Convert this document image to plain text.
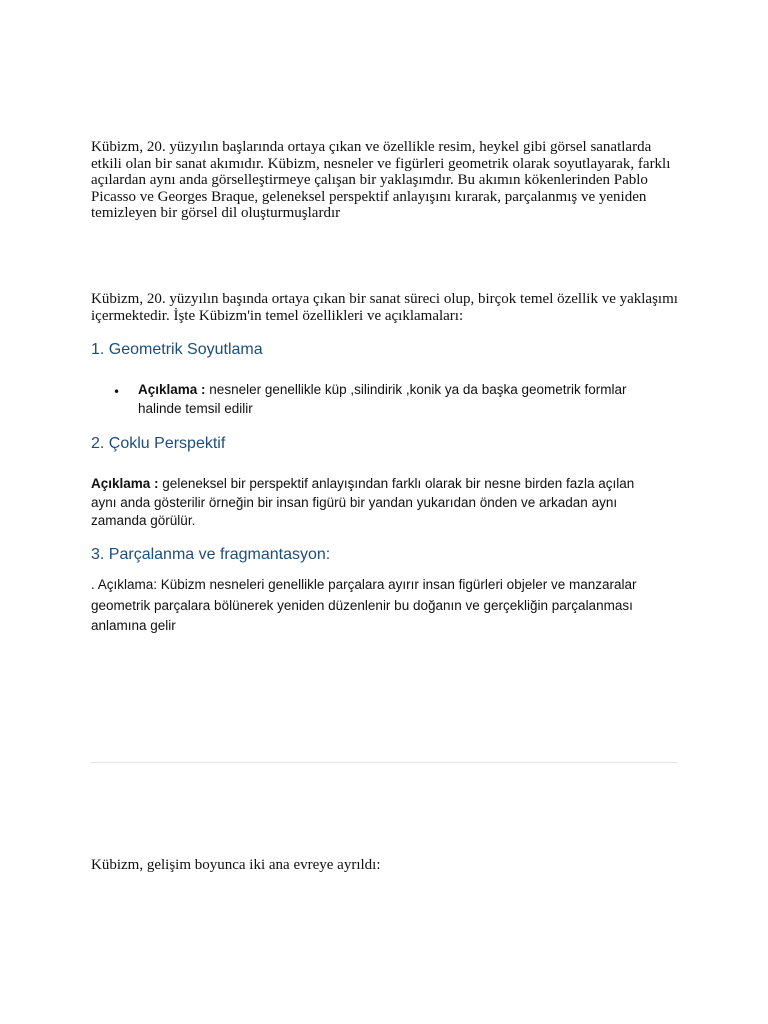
Kübizm, 20. yüzyılın başlarında ortaya çıkan ve özellikle resim, heykel gibi görsel sanatlarda etkili olan bir sanat akımıdır. Kübizm, nesneler ve figürleri geometrik olarak soyutlayarak, farklı açılardan aynı anda görselleştirmeye çalışan bir yaklaşımdır. Bu akımın kökenlerinden Pablo Picasso ve Georges Braque, geleneksel perspektif anlayışını kırarak, parçalanmış ve yeniden temizleyen bir görsel dil oluşturmuşlardır

Kübizm, 20. yüzyılın başında ortaya çıkan bir sanat süreci olup, birçok temel özellik ve yaklaşımı içermektedir. İşte Kübizm'in temel özellikleri ve açıklamaları:

1. Geometrik Soyutlama
• Açıklama : nesneler genellikle küp ,silindirik ,konik ya da başka geometrik formlar halinde temsil edilir

2. Çoklu Perspektif

Açıklama : geleneksel bir perspektif anlayışından farklı olarak bir nesne birden fazla açılan aynı anda gösterilir örneğin bir insan figürü bir yandan yukarıdan önden ve arkadan aynı zamanda görülür.

3. Parçalanma ve fragmantasyon:

. Açıklama: Kübizm nesneleri genellikle parçalara ayırır insan figürleri objeler ve manzaralar geometrik parçalara bölünerek yeniden düzenlenir bu doğanın ve gerçekliğin parçalanması anlamına gelir

Kübizm, gelişim boyunca iki ana evreye ayrıldı:
